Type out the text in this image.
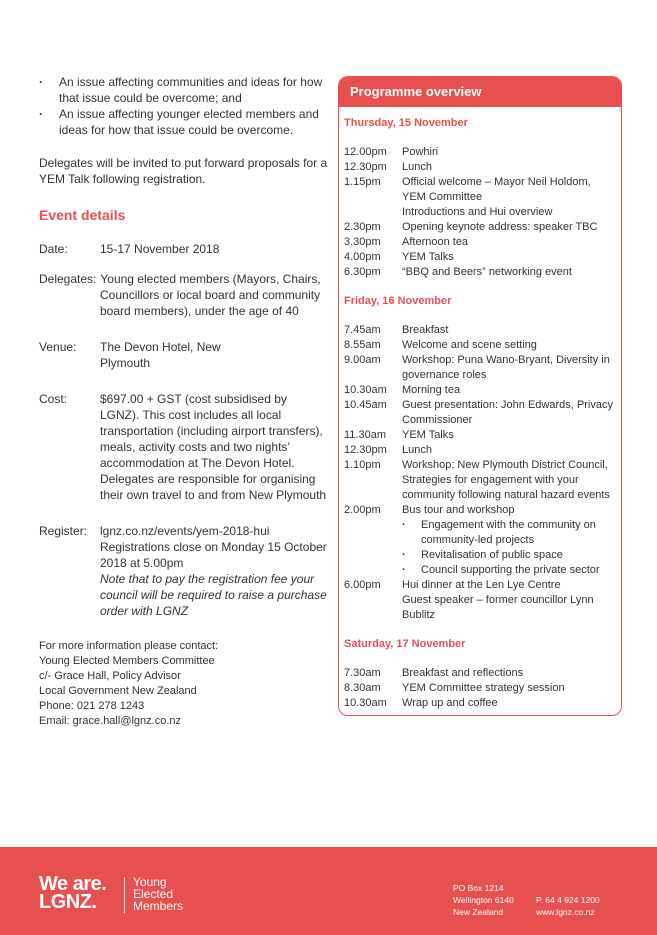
· An issue affecting communities and ideas for how that issue could be overcome; and
· An issue affecting younger elected members and ideas for how that issue could be overcome.
Delegates will be invited to put forward proposals for a YEM Talk following registration.
Event details
Date:	15-17 November 2018
Delegates: Young elected members (Mayors, Chairs,
Councillors or local board and community board members), under the age of 40
Venue:	The Devon Hotel, New Plymouth
Cost:	$697.00 + GST (cost subsidised by LGNZ). This cost includes all local transportation (including airport transfers), meals, activity costs and two nights’ accommodation at The Devon Hotel. Delegates are responsible for organising their own travel to and from New Plymouth
Register:	lgnz.co.nz/events/yem-2018-hui
Registrations close on Monday 15 October 2018 at 5.00pm
Note that to pay the registration fee your council will be required to raise a purchase order with LGNZ
For more information please contact:
Young Elected Members Committee
c/- Grace Hall, Policy Advisor
Local Government New Zealand
Phone: 021 278 1243
Email: grace.hall@lgnz.co.nz
Programme overview
Thursday, 15 November
12.00pm	Powhiri
12.30pm	Lunch
1.15pm	Official welcome – Mayor Neil Holdom, YEM Committee
Introductions and Hui overview
2.30pm	Opening keynote address: speaker TBC
3.30pm	Afternoon tea
4.00pm	YEM Talks
6.30pm	“BBQ and Beers” networking event
Friday, 16 November
7.45am	Breakfast
8.55am	Welcome and scene setting
9.00am	Workshop: Puna Wano-Bryant, Diversity in governance roles
10.30am	Morning tea
10.45am	Guest presentation: John Edwards, Privacy Commissioner
11.30am	YEM Talks
12.30pm	Lunch
1.10pm	Workshop: New Plymouth District Council, Strategies for engagement with your community following natural hazard events
2.00pm	Bus tour and workshop
· Engagement with the community on community-led projects
· Revitalisation of public space
· Council supporting the private sector
6.00pm	Hui dinner at the Len Lye Centre
Guest speaker – former councillor Lynn Bublitz
Saturday, 17 November
7.30am	Breakfast and reflections
8.30am	YEM Committee strategy session
10.30am	Wrap up and coffee
We are.
LGNZ.
Young
Elected
Members
PO Box 1214
Wellington 6140
New Zealand
P. 64 4 924 1200
www.lgnz.co.nz
